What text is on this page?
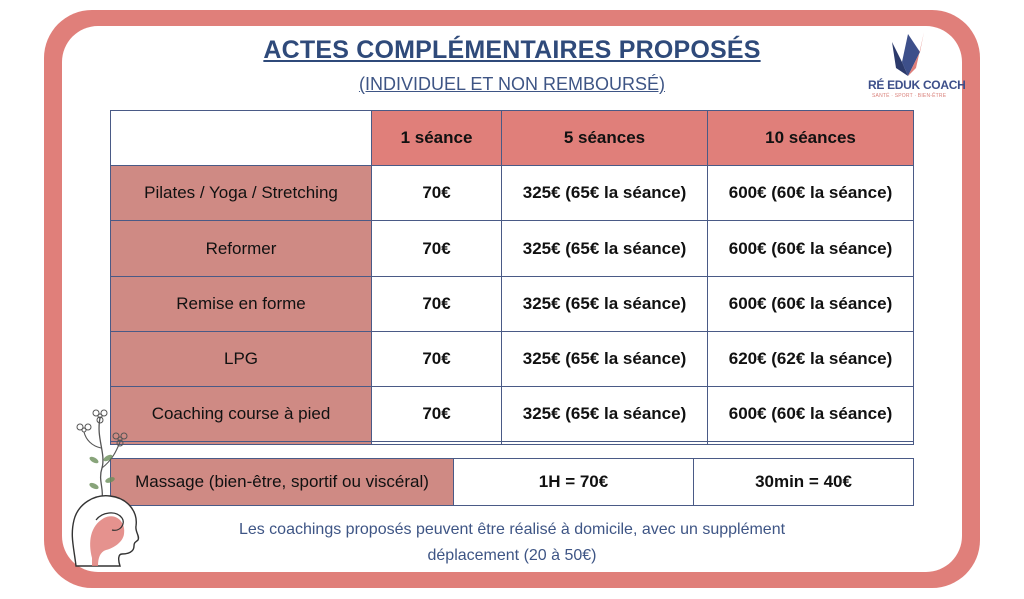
ACTES COMPLÉMENTAIRES PROPOSÉS
(INDIVIDUEL ET NON REMBOURSÉ)	RÉ EDUK COACH
SANTÉ · SPORT · BIEN-ÊTRE
	1 séance	5 séances	10 séances
Pilates / Yoga / Stretching	70€	325€ (65€ la séance)	600€ (60€ la séance)
Reformer	70€	325€ (65€ la séance)	600€ (60€ la séance)
Remise en forme	70€	325€ (65€ la séance)	600€ (60€ la séance)
LPG	70€	325€ (65€ la séance)	620€ (62€ la séance)
Coaching course à pied	70€	325€ (65€ la séance)	600€ (60€ la séance)

Massage (bien-être, sportif ou viscéral)	1H = 70€	30min = 40€
Les coachings proposés peuvent être réalisé à domicile, avec un supplément
déplacement (20 à 50€)
